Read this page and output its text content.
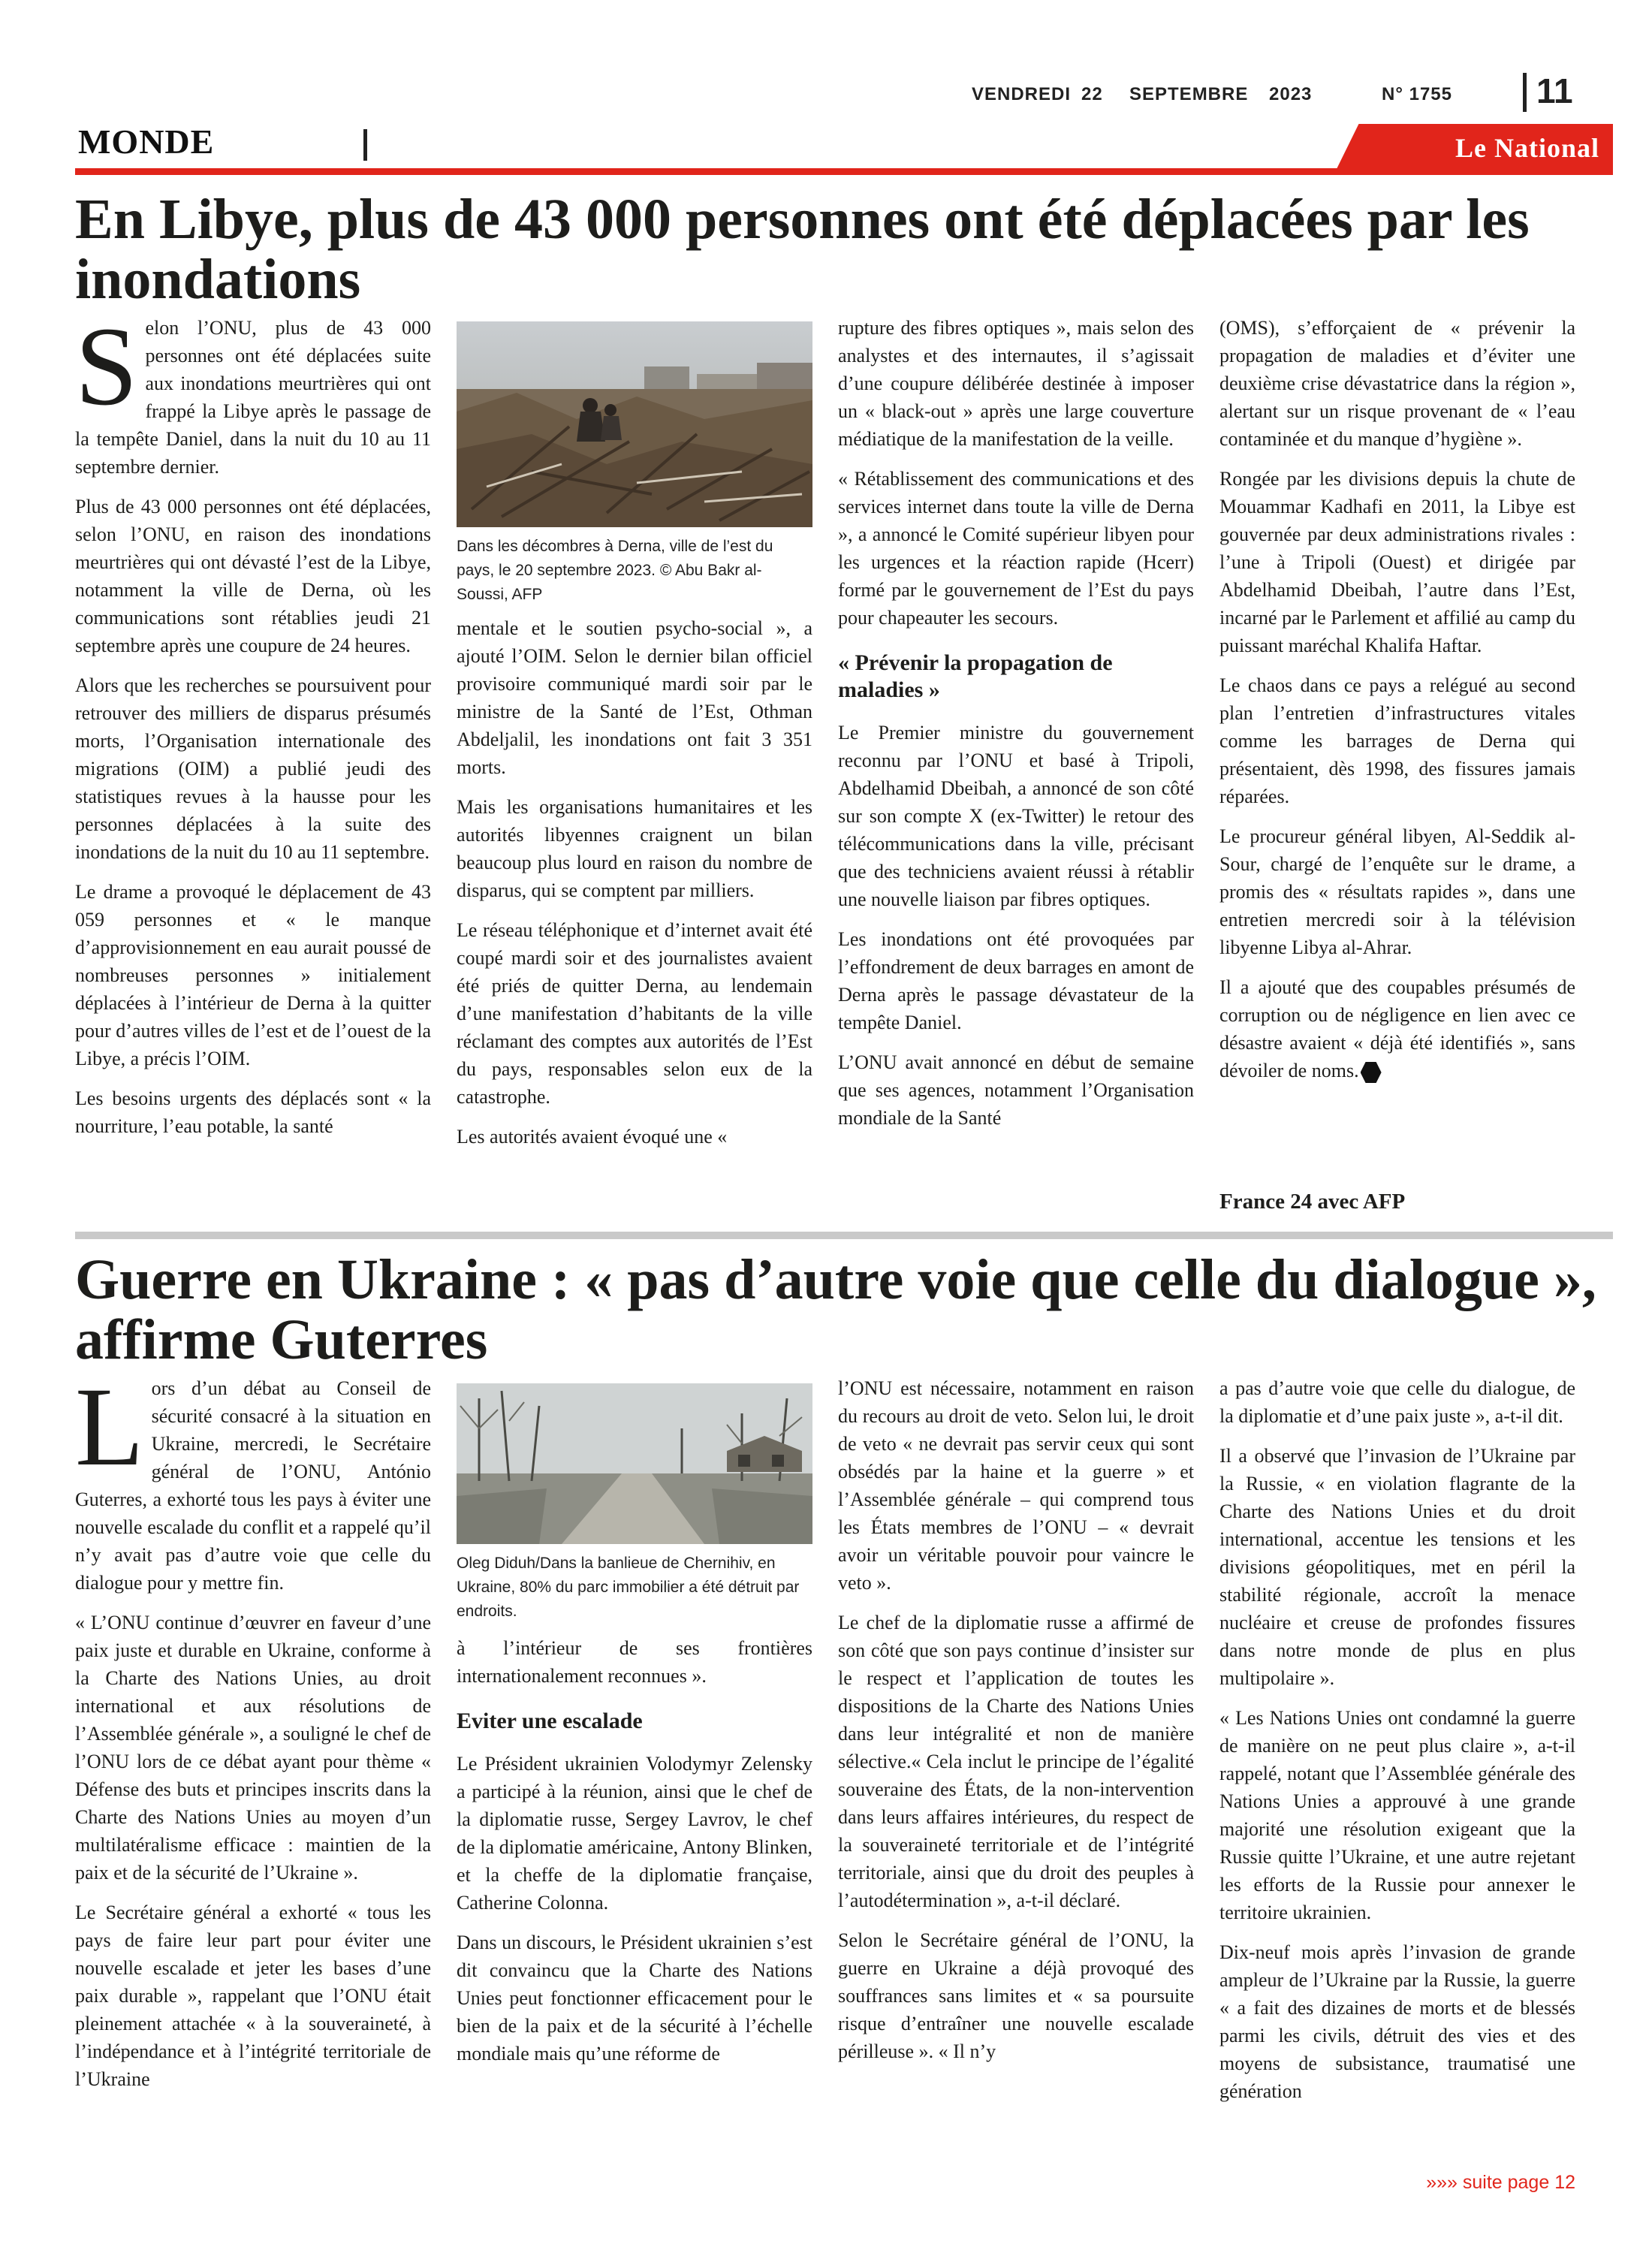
VENDREDI 22 SEPTEMBRE 2023	N° 1755 11
MONDE	Le National
En Libye, plus de 43 000 personnes ont été déplacées par les inondations
S elon l’ONU, plus de 43 000 personnes ont été déplacées suite aux inondations meurtrières qui ont frappé la Libye après le passage de la tempête Daniel, dans la nuit du 10 au 11 septembre dernier.

Plus de 43 000 personnes ont été déplacées, selon l’ONU, en raison des inondations meurtrières qui ont dévasté l’est de la Libye, notamment la ville de Derna, où les communications sont rétablies jeudi 21 septembre après une coupure de 24 heures.

Alors que les recherches se poursuivent pour retrouver des milliers de disparus présumés morts, l’Organisation internationale des migrations (OIM) a publié jeudi des statistiques revues à la hausse pour les personnes déplacées à la suite des inondations de la nuit du 10 au 11 septembre.

Le drame a provoqué le déplacement de 43 059 personnes et « le manque d’approvisionnement en eau aurait poussé de nombreuses personnes » initialement déplacées à l’intérieur de Derna à la quitter pour d’autres villes de l’est et de l’ouest de la Libye, a précis l’OIM.

Les besoins urgents des déplacés sont « la nourriture, l’eau potable, la santé

Dans les décombres à Derna, ville de l’est du pays, le 20 septembre 2023. © Abu Bakr al-Soussi, AFP

mentale et le soutien psycho-social », a ajouté l’OIM. Selon le dernier bilan officiel provisoire communiqué mardi soir par le ministre de la Santé de l’Est, Othman Abdeljalil, les inondations ont fait 3 351 morts.

Mais les organisations humanitaires et les autorités libyennes craignent un bilan beaucoup plus lourd en raison du nombre de disparus, qui se comptent par milliers.

Le réseau téléphonique et d’internet avait été coupé mardi soir et des journalistes avaient été priés de quitter Derna, au lendemain d’une manifestation d’habitants de la ville réclamant des comptes aux autorités de l’Est du pays, responsables selon eux de la catastrophe.

Les autorités avaient évoqué une «

rupture des fibres optiques », mais selon des analystes et des internautes, il s’agissait d’une coupure délibérée destinée à imposer un « black-out » après une large couverture médiatique de la manifestation de la veille.

« Rétablissement des communications et des services internet dans toute la ville de Derna », a annoncé le Comité supérieur libyen pour les urgences et la réaction rapide (Hcerr) formé par le gouvernement de l’Est du pays pour chapeauter les secours.

« Prévenir la propagation de maladies »

Le Premier ministre du gouvernement reconnu par l’ONU et basé à Tripoli, Abdelhamid Dbeibah, a annoncé de son côté sur son compte X (ex-Twitter) le retour des télécommunications dans la ville, précisant que des techniciens avaient réussi à rétablir une nouvelle liaison par fibres optiques.

Les inondations ont été provoquées par l’effondrement de deux barrages en amont de Derna après le passage dévastateur de la tempête Daniel.

L’ONU avait annoncé en début de semaine que ses agences, notamment l’Organisation mondiale de la Santé

(OMS), s’efforçaient de « prévenir la propagation de maladies et d’éviter une deuxième crise dévastatrice dans la région », alertant sur un risque provenant de « l’eau contaminée et du manque d’hygiène ».

Rongée par les divisions depuis la chute de Mouammar Kadhafi en 2011, la Libye est gouvernée par deux administrations rivales : l’une à Tripoli (Ouest) et dirigée par Abdelhamid Dbeibah, l’autre dans l’Est, incarné par le Parlement et affilié au camp du puissant maréchal Khalifa Haftar.

Le chaos dans ce pays a relégué au second plan l’entretien d’infrastructures vitales comme les barrages de Derna qui présentaient, dès 1998, des fissures jamais réparées.

Le procureur général libyen, Al-Seddik al-Sour, chargé de l’enquête sur le drame, a promis des « résultats rapides », dans une entretien mercredi soir à la télévision libyenne Libya al-Ahrar.

Il a ajouté que des coupables présumés de corruption ou de négligence en lien avec ce désastre avaient « déjà été identifiés », sans dévoiler de noms.

France 24 avec AFP
Guerre en Ukraine : « pas d’autre voie que celle du dialogue », affirme Guterres
L ors d’un débat au Conseil de sécurité consacré à la situation en Ukraine, mercredi, le Secrétaire général de l’ONU, António Guterres, a exhorté tous les pays à éviter une nouvelle escalade du conflit et a rappelé qu’il n’y avait pas d’autre voie que celle du dialogue pour y mettre fin.

« L’ONU continue d’œuvrer en faveur d’une paix juste et durable en Ukraine, conforme à la Charte des Nations Unies, au droit international et aux résolutions de l’Assemblée générale », a souligné le chef de l’ONU lors de ce débat ayant pour thème « Défense des buts et principes inscrits dans la Charte des Nations Unies au moyen d’un multilatéralisme efficace : maintien de la paix et de la sécurité de l’Ukraine ».

Le Secrétaire général a exhorté « tous les pays de faire leur part pour éviter une nouvelle escalade et jeter les bases d’une paix durable », rappelant que l’ONU était pleinement attachée « à la souveraineté, à l’indépendance et à l’intégrité territoriale de l’Ukraine

Oleg Diduh/Dans la banlieue de Chernihiv, en Ukraine, 80% du parc immobilier a été détruit par endroits.

à l’intérieur de ses frontières internationalement reconnues ».

Eviter une escalade

Le Président ukrainien Volodymyr Zelensky a participé à la réunion, ainsi que le chef de la diplomatie russe, Sergey Lavrov, le chef de la diplomatie américaine, Antony Blinken, et la cheffe de la diplomatie française, Catherine Colonna.

Dans un discours, le Président ukrainien s’est dit convaincu que la Charte des Nations Unies peut fonctionner efficacement pour le bien de la paix et de la sécurité à l’échelle mondiale mais qu’une réforme de

l’ONU est nécessaire, notamment en raison du recours au droit de veto. Selon lui, le droit de veto « ne devrait pas servir ceux qui sont obsédés par la haine et la guerre » et l’Assemblée générale – qui comprend tous les États membres de l’ONU – « devrait avoir un véritable pouvoir pour vaincre le veto ».

Le chef de la diplomatie russe a affirmé de son côté que son pays continue d’insister sur le respect et l’application de toutes les dispositions de la Charte des Nations Unies dans leur intégralité et non de manière sélective.« Cela inclut le principe de l’égalité souveraine des États, de la non-intervention dans leurs affaires intérieures, du respect de la souveraineté territoriale et de l’intégrité territoriale, ainsi que du droit des peuples à l’autodétermination », a-t-il déclaré.

Selon le Secrétaire général de l’ONU, la guerre en Ukraine a déjà provoqué des souffrances sans limites et « sa poursuite risque d’entraîner une nouvelle escalade périlleuse ». « Il n’y

a pas d’autre voie que celle du dialogue, de la diplomatie et d’une paix juste », a-t-il dit.

Il a observé que l’invasion de l’Ukraine par la Russie, « en violation flagrante de la Charte des Nations Unies et du droit international, accentue les tensions et les divisions géopolitiques, met en péril la stabilité régionale, accroît la menace nucléaire et creuse de profondes fissures dans notre monde de plus en plus multipolaire ».

« Les Nations Unies ont condamné la guerre de manière on ne peut plus claire », a-t-il rappelé, notant que l’Assemblée générale des Nations Unies a approuvé à une grande majorité une résolution exigeant que la Russie quitte l’Ukraine, et une autre rejetant les efforts de la Russie pour annexer le territoire ukrainien.

Dix-neuf mois après l’invasion de grande ampleur de l’Ukraine par la Russie, la guerre « a fait des dizaines de morts et de blessés parmi les civils, détruit des vies et des moyens de subsistance, traumatisé une génération

»»» suite page 12
